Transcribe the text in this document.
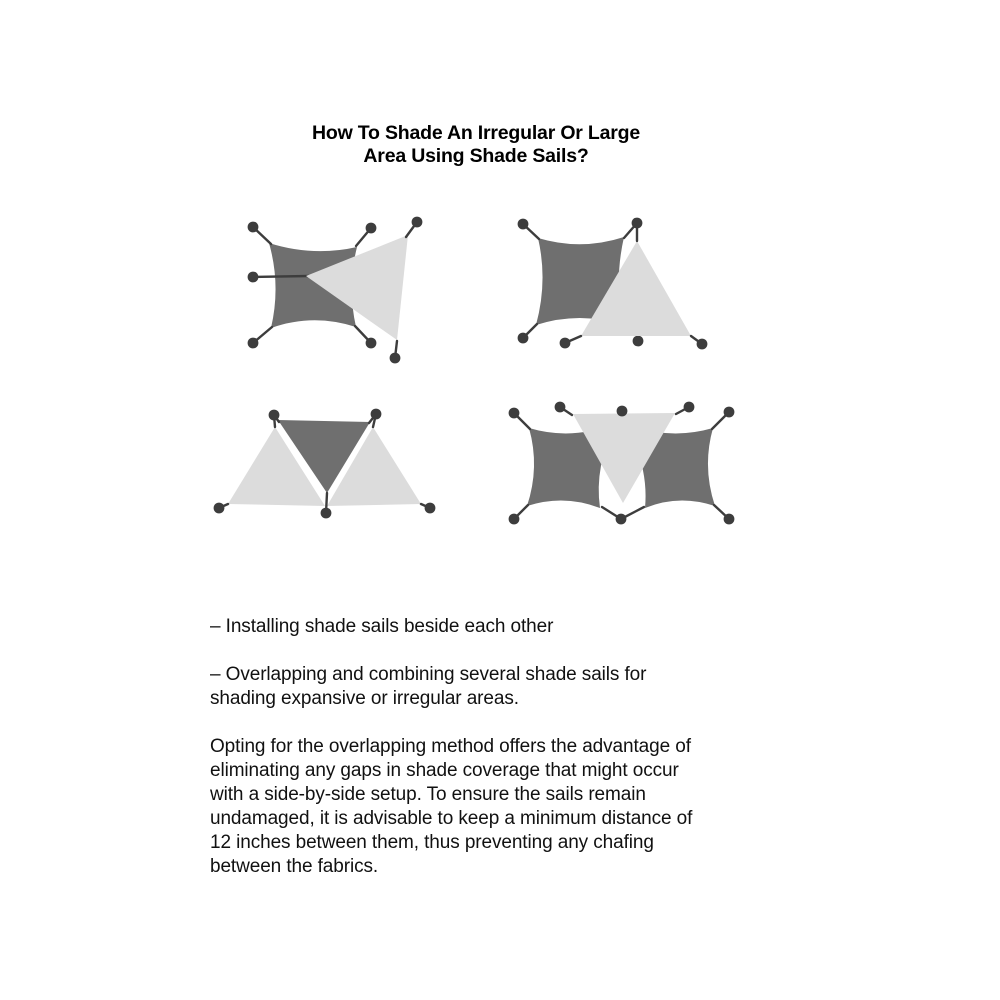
How To Shade An Irregular Or Large
Area Using Shade Sails?

– Installing shade sails beside each other

– Overlapping and combining several shade sails for
shading expansive or irregular areas.

Opting for the overlapping method offers the advantage of
eliminating any gaps in shade coverage that might occur
with a side-by-side setup. To ensure the sails remain
undamaged, it is advisable to keep a minimum distance of
12 inches between them, thus preventing any chafing
between the fabrics.
